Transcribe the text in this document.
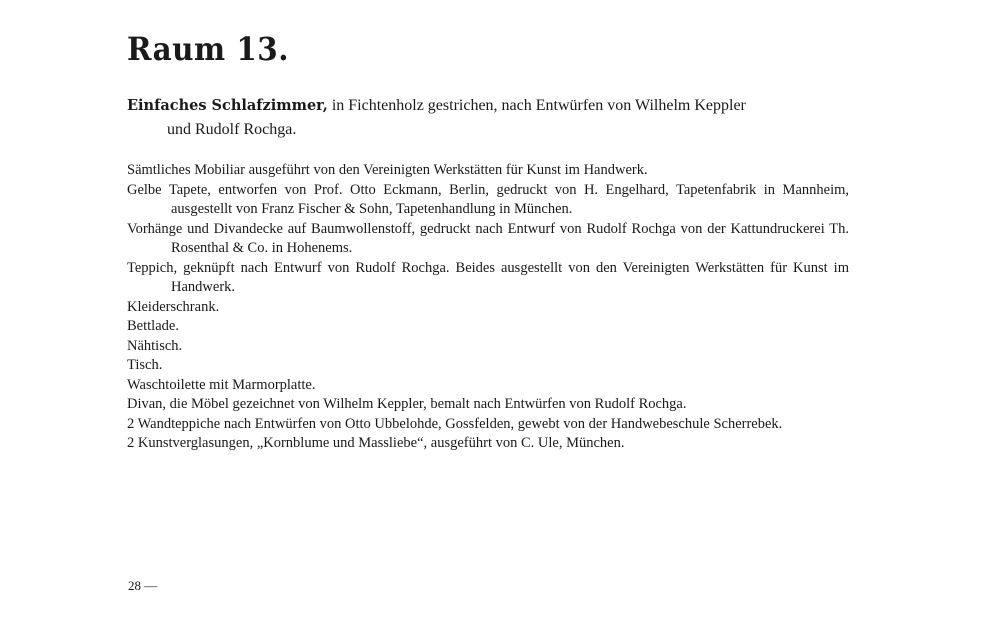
Raum 13.

Einfaches Schlafzimmer, in Fichtenholz gestrichen, nach Entwürfen von Wilhelm Keppler
und Rudolf Rochga.

Sämtliches Mobiliar ausgeführt von den Vereinigten Werkstätten für Kunst im Handwerk.
Gelbe Tapete, entworfen von Prof. Otto Eckmann, Berlin, gedruckt von H. Engelhard, Tapetenfabrik in Mannheim, ausgestellt von Franz Fischer & Sohn, Tapetenhandlung in München.
Vorhänge und Divandecke auf Baumwollenstoff, gedruckt nach Entwurf von Rudolf Rochga von der Kattundruckerei Th. Rosenthal & Co. in Hohenems.
Teppich, geknüpft nach Entwurf von Rudolf Rochga. Beides ausgestellt von den Vereinigten Werkstätten für Kunst im Handwerk.
Kleiderschrank.
Bettlade.
Nähtisch.
Tisch.
Waschtoilette mit Marmorplatte.
Divan, die Möbel gezeichnet von Wilhelm Keppler, bemalt nach Entwürfen von Rudolf Rochga.
2 Wandteppiche nach Entwürfen von Otto Ubbelohde, Gossfelden, gewebt von der Handwebeschule Scherrebek.
2 Kunstverglasungen, „Kornblume und Massliebe“, ausgeführt von C. Ule, München.
28 —
